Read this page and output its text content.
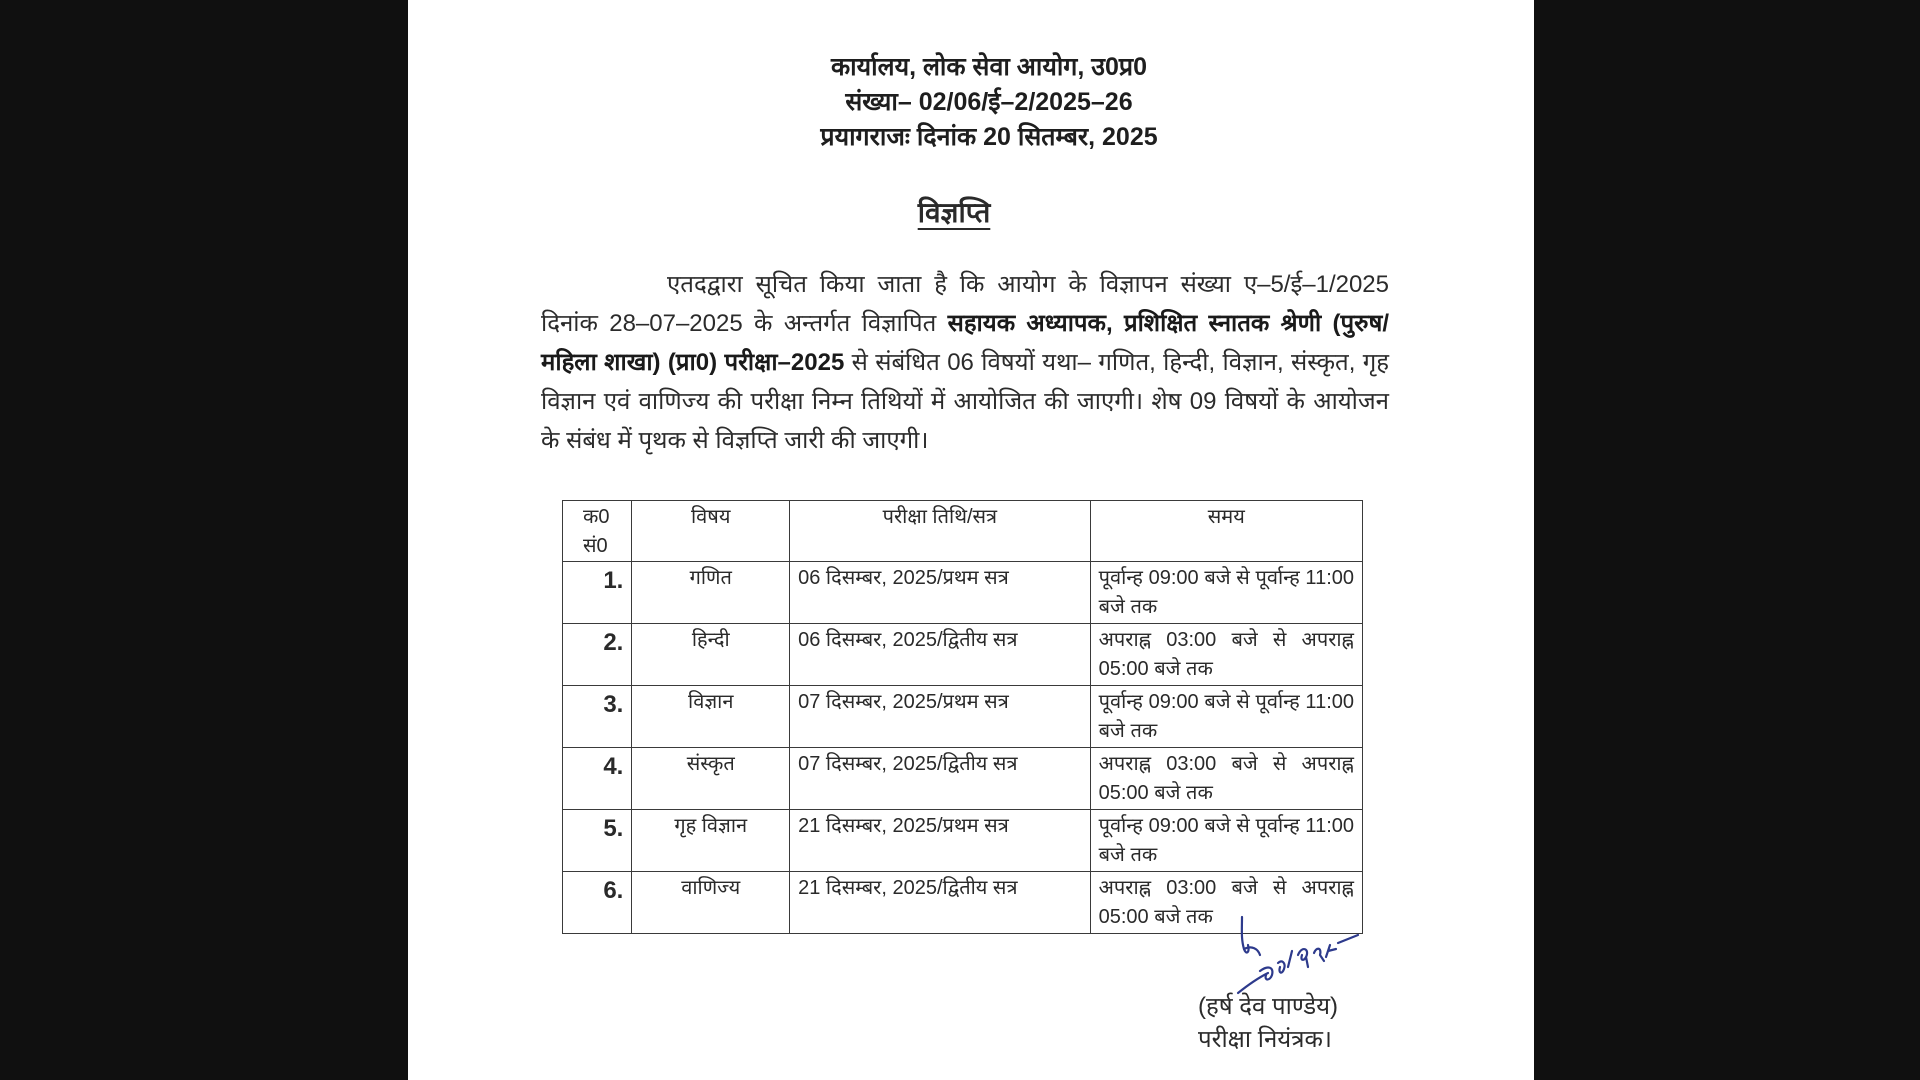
कार्यालय, लोक सेवा आयोग, उ0प्र0
संख्या– 02/06/ई–2/2025–26
प्रयागराजः दिनांक 20 सितम्बर, 2025
विज्ञप्ति
एतदद्वारा सूचित किया जाता है कि आयोग के विज्ञापन संख्या ए–5/ई–1/2025 दिनांक 28–07–2025 के अन्तर्गत विज्ञापित सहायक अध्यापक, प्रशिक्षित स्नातक श्रेणी (पुरुष/महिला शाखा) (प्रा0) परीक्षा–2025 से संबंधित 06 विषयों यथा– गणित, हिन्दी, विज्ञान, संस्कृत, गृह विज्ञान एवं वाणिज्य की परीक्षा निम्न तिथियों में आयोजित की जाएगी। शेष 09 विषयों के आयोजन के संबंध में पृथक से विज्ञप्ति जारी की जाएगी।
क0 सं0	विषय	परीक्षा तिथि/सत्र	समय
1.	गणित	06 दिसम्बर, 2025/प्रथम सत्र	पूर्वान्ह 09:00 बजे से पूर्वान्ह 11:00 बजे तक
2.	हिन्दी	06 दिसम्बर, 2025/द्वितीय सत्र	अपराह्न 03:00 बजे से अपराह्न 05:00 बजे तक
3.	विज्ञान	07 दिसम्बर, 2025/प्रथम सत्र	पूर्वान्ह 09:00 बजे से पूर्वान्ह 11:00 बजे तक
4.	संस्कृत	07 दिसम्बर, 2025/द्वितीय सत्र	अपराह्न 03:00 बजे से अपराह्न 05:00 बजे तक
5.	गृह विज्ञान	21 दिसम्बर, 2025/प्रथम सत्र	पूर्वान्ह 09:00 बजे से पूर्वान्ह 11:00 बजे तक
6.	वाणिज्य	21 दिसम्बर, 2025/द्वितीय सत्र	अपराह्न 03:00 बजे से अपराह्न 05:00 बजे तक
(हर्ष देव पाण्डेय)
परीक्षा नियंत्रक।
